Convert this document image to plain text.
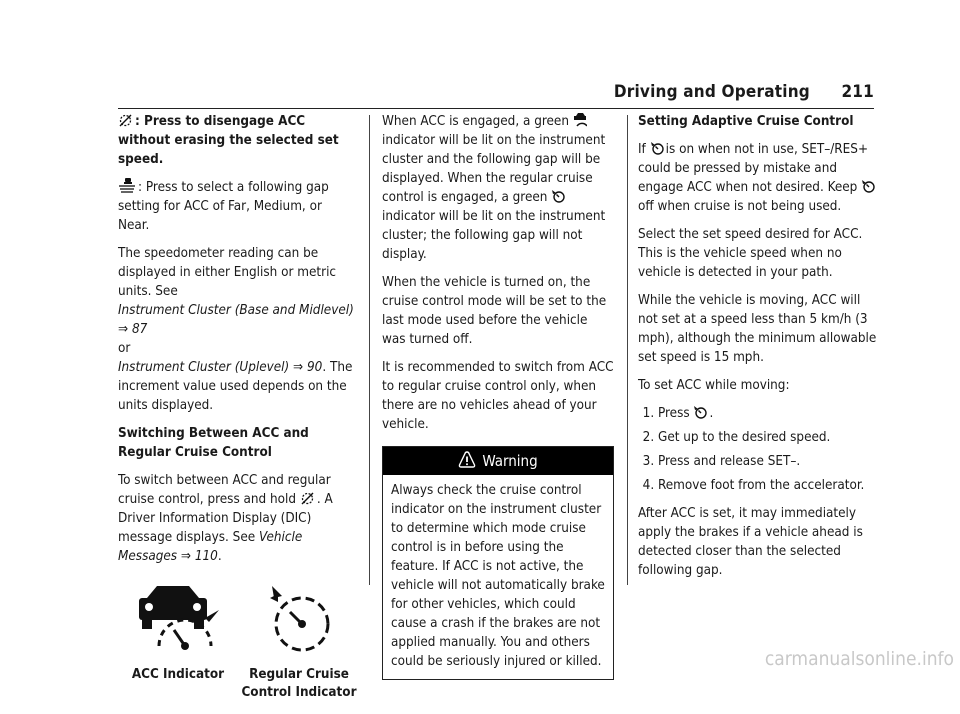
Driving and Operating 211

: Press to disengage ACC without erasing the selected set speed.

: Press to select a following gap setting for ACC of Far, Medium, or Near.

The speedometer reading can be displayed in either English or metric units. See
Instrument Cluster (Base and Midlevel) ⇒ 87
or
Instrument Cluster (Uplevel) ⇒ 90. The increment value used depends on the units displayed.

Switching Between ACC and Regular Cruise Control

To switch between ACC and regular cruise control, press and hold . A Driver Information Display (DIC) message displays. See Vehicle Messages ⇒ 110.

ACC Indicator	Regular Cruise Control Indicator

When ACC is engaged, a green
indicator will be lit on the instrument cluster and the following gap will be displayed. When the regular cruise control is engaged, a green
indicator will be lit on the instrument cluster; the following gap will not display.

When the vehicle is turned on, the cruise control mode will be set to the last mode used before the vehicle was turned off.

It is recommended to switch from ACC to regular cruise control only, when there are no vehicles ahead of your vehicle.

Warning
Always check the cruise control indicator on the instrument cluster to determine which mode cruise control is in before using the feature. If ACC is not active, the vehicle will not automatically brake for other vehicles, which could cause a crash if the brakes are not applied manually. You and others could be seriously injured or killed.

Setting Adaptive Cruise Control

If is on when not in use, SET–/RES+ could be pressed by mistake and engage ACC when not desired. Keep
off when cruise is not being used.

Select the set speed desired for ACC. This is the vehicle speed when no vehicle is detected in your path.

While the vehicle is moving, ACC will not set at a speed less than 5 km/h (3 mph), although the minimum allowable set speed is 15 mph.

To set ACC while moving:

1. Press .
2. Get up to the desired speed.
3. Press and release SET–.
4. Remove foot from the accelerator.

After ACC is set, it may immediately apply the brakes if a vehicle ahead is detected closer than the selected following gap.

carmanualsonline.info
